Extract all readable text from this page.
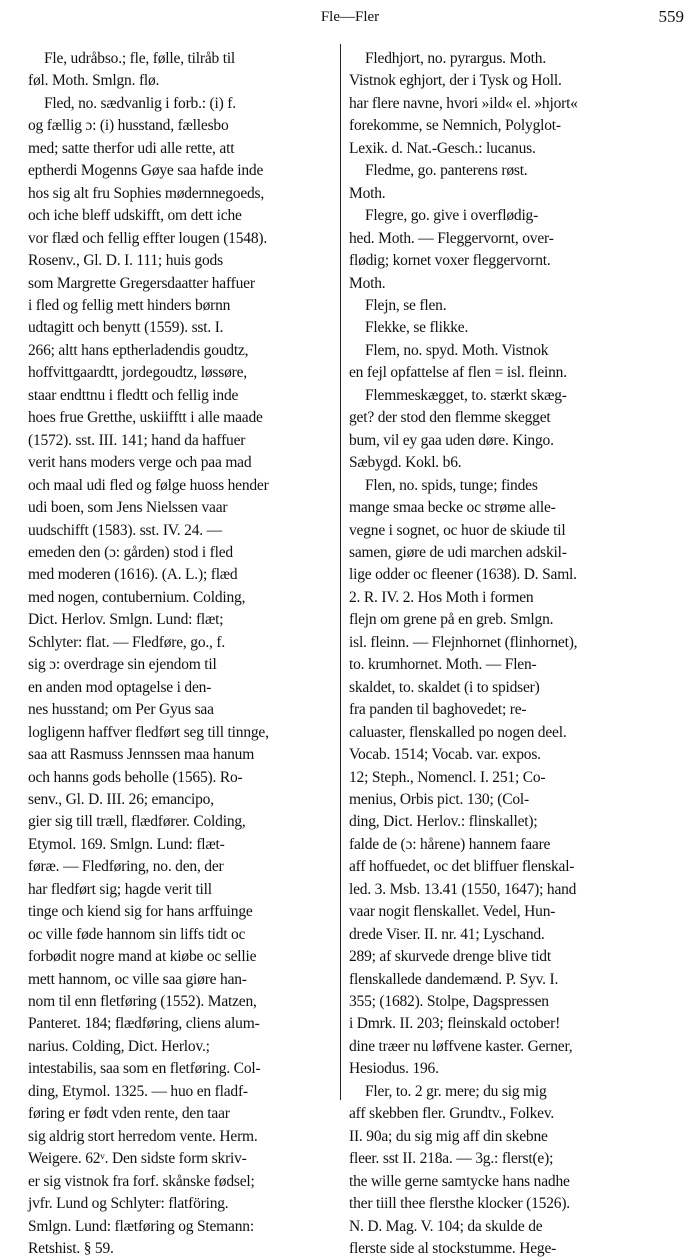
Fle—Fler	559
Fle, udråbso.; fle, følle, tilråb til
føl. Moth. Smlgn. flø.
Fled, no. sædvanlig i forb.: (i) f.
og fællig ɔ: (i) husstand, fællesbo
med; satte therfor udi alle rette, att
eptherdi Mogenns Gøye saa hafde inde
hos sig alt fru Sophies mødernnegoeds,
och iche bleff udskifft, om dett iche
vor flæd och fellig effter lougen (1548).
Rosenv., Gl. D. I. 111; huis gods
som Margrette Gregersdaatter haffuer
i fled og fellig mett hinders børnn
udtagitt och benytt (1559). sst. I.
266; altt hans eptherladendis goudtz,
hoffvittgaardtt, jordegoudtz, løssøre,
staar endttnu i fledtt och fellig inde
hoes frue Gretthe, uskiifftt i alle maade
(1572). sst. III. 141; hand da haffuer
verit hans moders verge och paa mad
och maal udi fled og følge huoss hender
udi boen, som Jens Nielssen vaar
uudschifft (1583). sst. IV. 24. —
emeden den (ɔ: gården) stod i fled
med moderen (1616). (A. L.); flæd
med nogen, contubernium. Colding,
Dict. Herlov. Smlgn. Lund: flæt;
Schlyter: flat. — Fledføre, go., f.
sig ɔ: overdrage sin ejendom til
en anden mod optagelse i den-
nes husstand; om Per Gyus saa
logligenn haffver fledført seg till tinnge,
saa att Rasmuss Jennssen maa hanum
och hanns gods beholle (1565). Ro-
senv., Gl. D. III. 26; emancipo,
gier sig till træll, flædfører. Colding,
Etymol. 169. Smlgn. Lund: flæt-
føræ. — Fledføring, no. den, der
har fledført sig; hagde verit till
tinge och kiend sig for hans arffuinge
oc ville føde hannom sin liffs tidt oc
forbødit nogre mand at kiøbe oc sellie
mett hannom, oc ville saa giøre han-
nom til enn fletføring (1552). Matzen,
Panteret. 184; flædføring, cliens alum-
narius. Colding, Dict. Herlov.;
intestabilis, saa som en fletføring. Col-
ding, Etymol. 1325. — huo en fladf-
føring er født vden rente, den taar
sig aldrig stort herredom vente. Herm.
Weigere. 62ᵛ. Den sidste form skriv-
er sig vistnok fra forf. skånske fødsel;
jvfr. Lund og Schlyter: flatföring.
Smlgn. Lund: flætføring og Stemann:
Retshist. § 59.
Fledhjort, no. pyrargus. Moth.
Vistnok eghjort, der i Tysk og Holl.
har flere navne, hvori »ild« el. »hjort«
forekomme, se Nemnich, Polyglot-
Lexik. d. Nat.-Gesch.: lucanus.
Fledme, go. panterens røst.
Moth.
Flegre, go. give i overflødig-
hed. Moth. — Fleggervornt, over-
flødig; kornet voxer fleggervornt.
Moth.
Flejn, se flen.
Flekke, se flikke.
Flem, no. spyd. Moth. Vistnok
en fejl opfattelse af flen = isl. fleinn.
Flemmeskægget, to. stærkt skæg-
get? der stod den flemme skegget
bum, vil ey gaa uden døre. Kingo.
Sæbygd. Kokl. b6.
Flen, no. spids, tunge; findes
mange smaa becke oc strøme alle-
vegne i sognet, oc huor de skiude til
samen, giøre de udi marchen adskil-
lige odder oc fleener (1638). D. Saml.
2. R. IV. 2. Hos Moth i formen
flejn om grene på en greb. Smlgn.
isl. fleinn. — Flejnhornet (flinhornet),
to. krumhornet. Moth. — Flen-
skaldet, to. skaldet (i to spidser)
fra panden til baghovedet; re-
caluaster, flenskalled po nogen deel.
Vocab. 1514; Vocab. var. expos.
12; Steph., Nomencl. I. 251; Co-
menius, Orbis pict. 130; (Col-
ding, Dict. Herlov.: flinskallet);
falde de (ɔ: hårene) hannem faare
aff hoffuedet, oc det bliffuer flenskal-
led. 3. Msb. 13.41 (1550, 1647); hand
vaar nogit flenskallet. Vedel, Hun-
drede Viser. II. nr. 41; Lyschand.
289; af skurvede drenge blive tidt
flenskallede dandemænd. P. Syv. I.
355; (1682). Stolpe, Dagspressen
i Dmrk. II. 203; fleinskald october!
dine træer nu løffvene kaster. Gerner,
Hesiodus. 196.
Fler, to. 2 gr. mere; du sig mig
aff skebben fler. Grundtv., Folkev.
II. 90a; du sig mig aff din skebne
fleer. sst II. 218a. — 3g.: flerst(e);
the wille gerne samtycke hans nadhe
ther tiill thee flersthe klocker (1526).
N. D. Mag. V. 104; da skulde de
flerste side al stockstumme. Hege-
